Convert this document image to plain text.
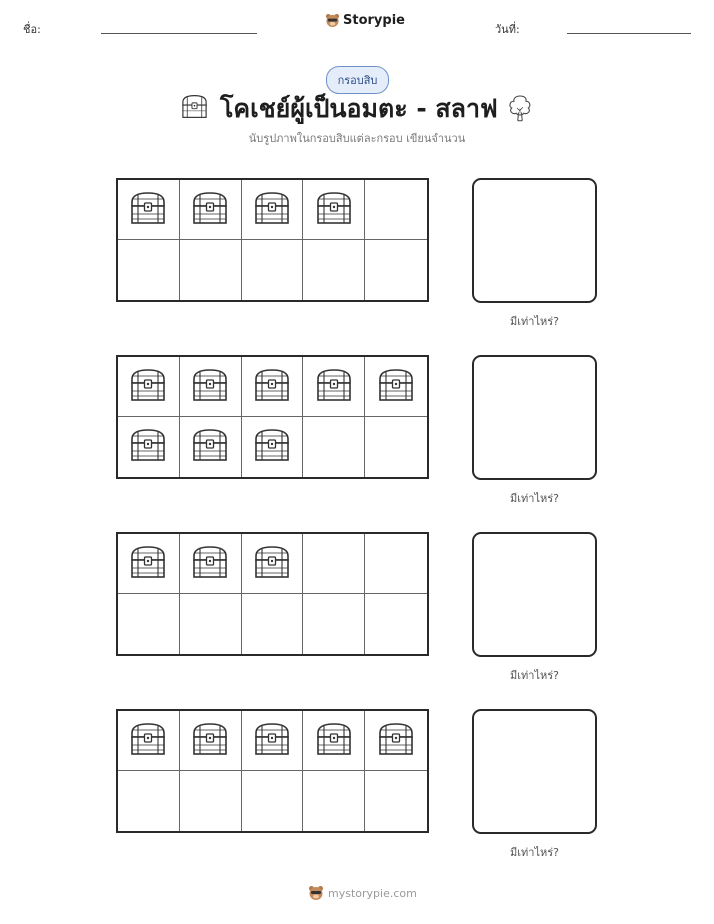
ชื่อ:
Storypie
วันที่:
กรอบสิบ
โคเชย์ผู้เป็นอมตะ - สลาฟ
นับรูปภาพในกรอบสิบแต่ละกรอบ เขียนจำนวน
มีเท่าไหร่?
มีเท่าไหร่?
มีเท่าไหร่?
มีเท่าไหร่?
mystorypie.com
